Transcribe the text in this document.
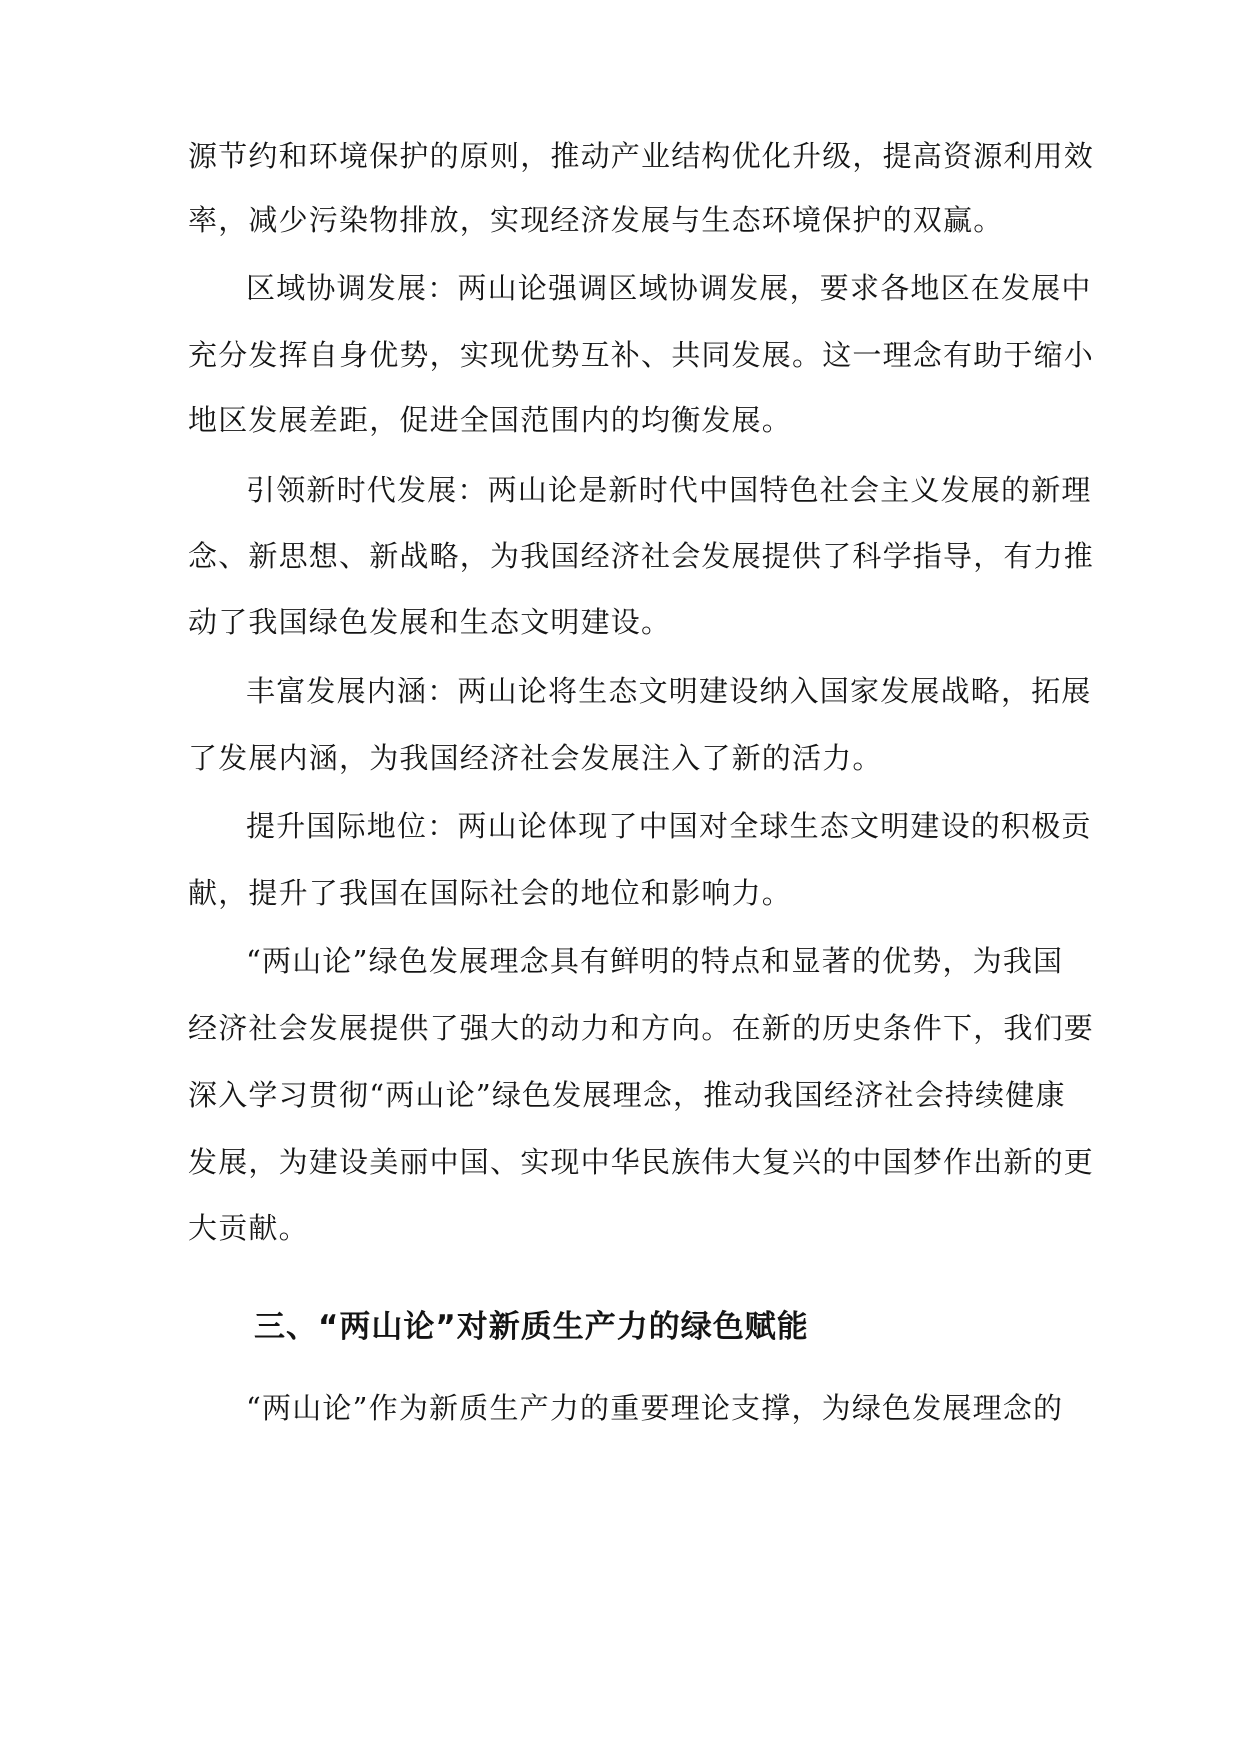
源节约和环境保护的原则，推动产业结构优化升级，提高资源利用效
率，减少污染物排放，实现经济发展与生态环境保护的双赢。
区域协调发展：两山论强调区域协调发展，要求各地区在发展中
充分发挥自身优势，实现优势互补、共同发展。这一理念有助于缩小
地区发展差距，促进全国范围内的均衡发展。
引领新时代发展：两山论是新时代中国特色社会主义发展的新理
念、新思想、新战略，为我国经济社会发展提供了科学指导，有力推
动了我国绿色发展和生态文明建设。
丰富发展内涵：两山论将生态文明建设纳入国家发展战略，拓展
了发展内涵，为我国经济社会发展注入了新的活力。
提升国际地位：两山论体现了中国对全球生态文明建设的积极贡
献，提升了我国在国际社会的地位和影响力。
“两山论”绿色发展理念具有鲜明的特点和显著的优势，为我国
经济社会发展提供了强大的动力和方向。在新的历史条件下，我们要
深入学习贯彻“两山论”绿色发展理念，推动我国经济社会持续健康
发展，为建设美丽中国、实现中华民族伟大复兴的中国梦作出新的更
大贡献。
三、“两山论”对新质生产力的绿色赋能
“两山论”作为新质生产力的重要理论支撑，为绿色发展理念的
